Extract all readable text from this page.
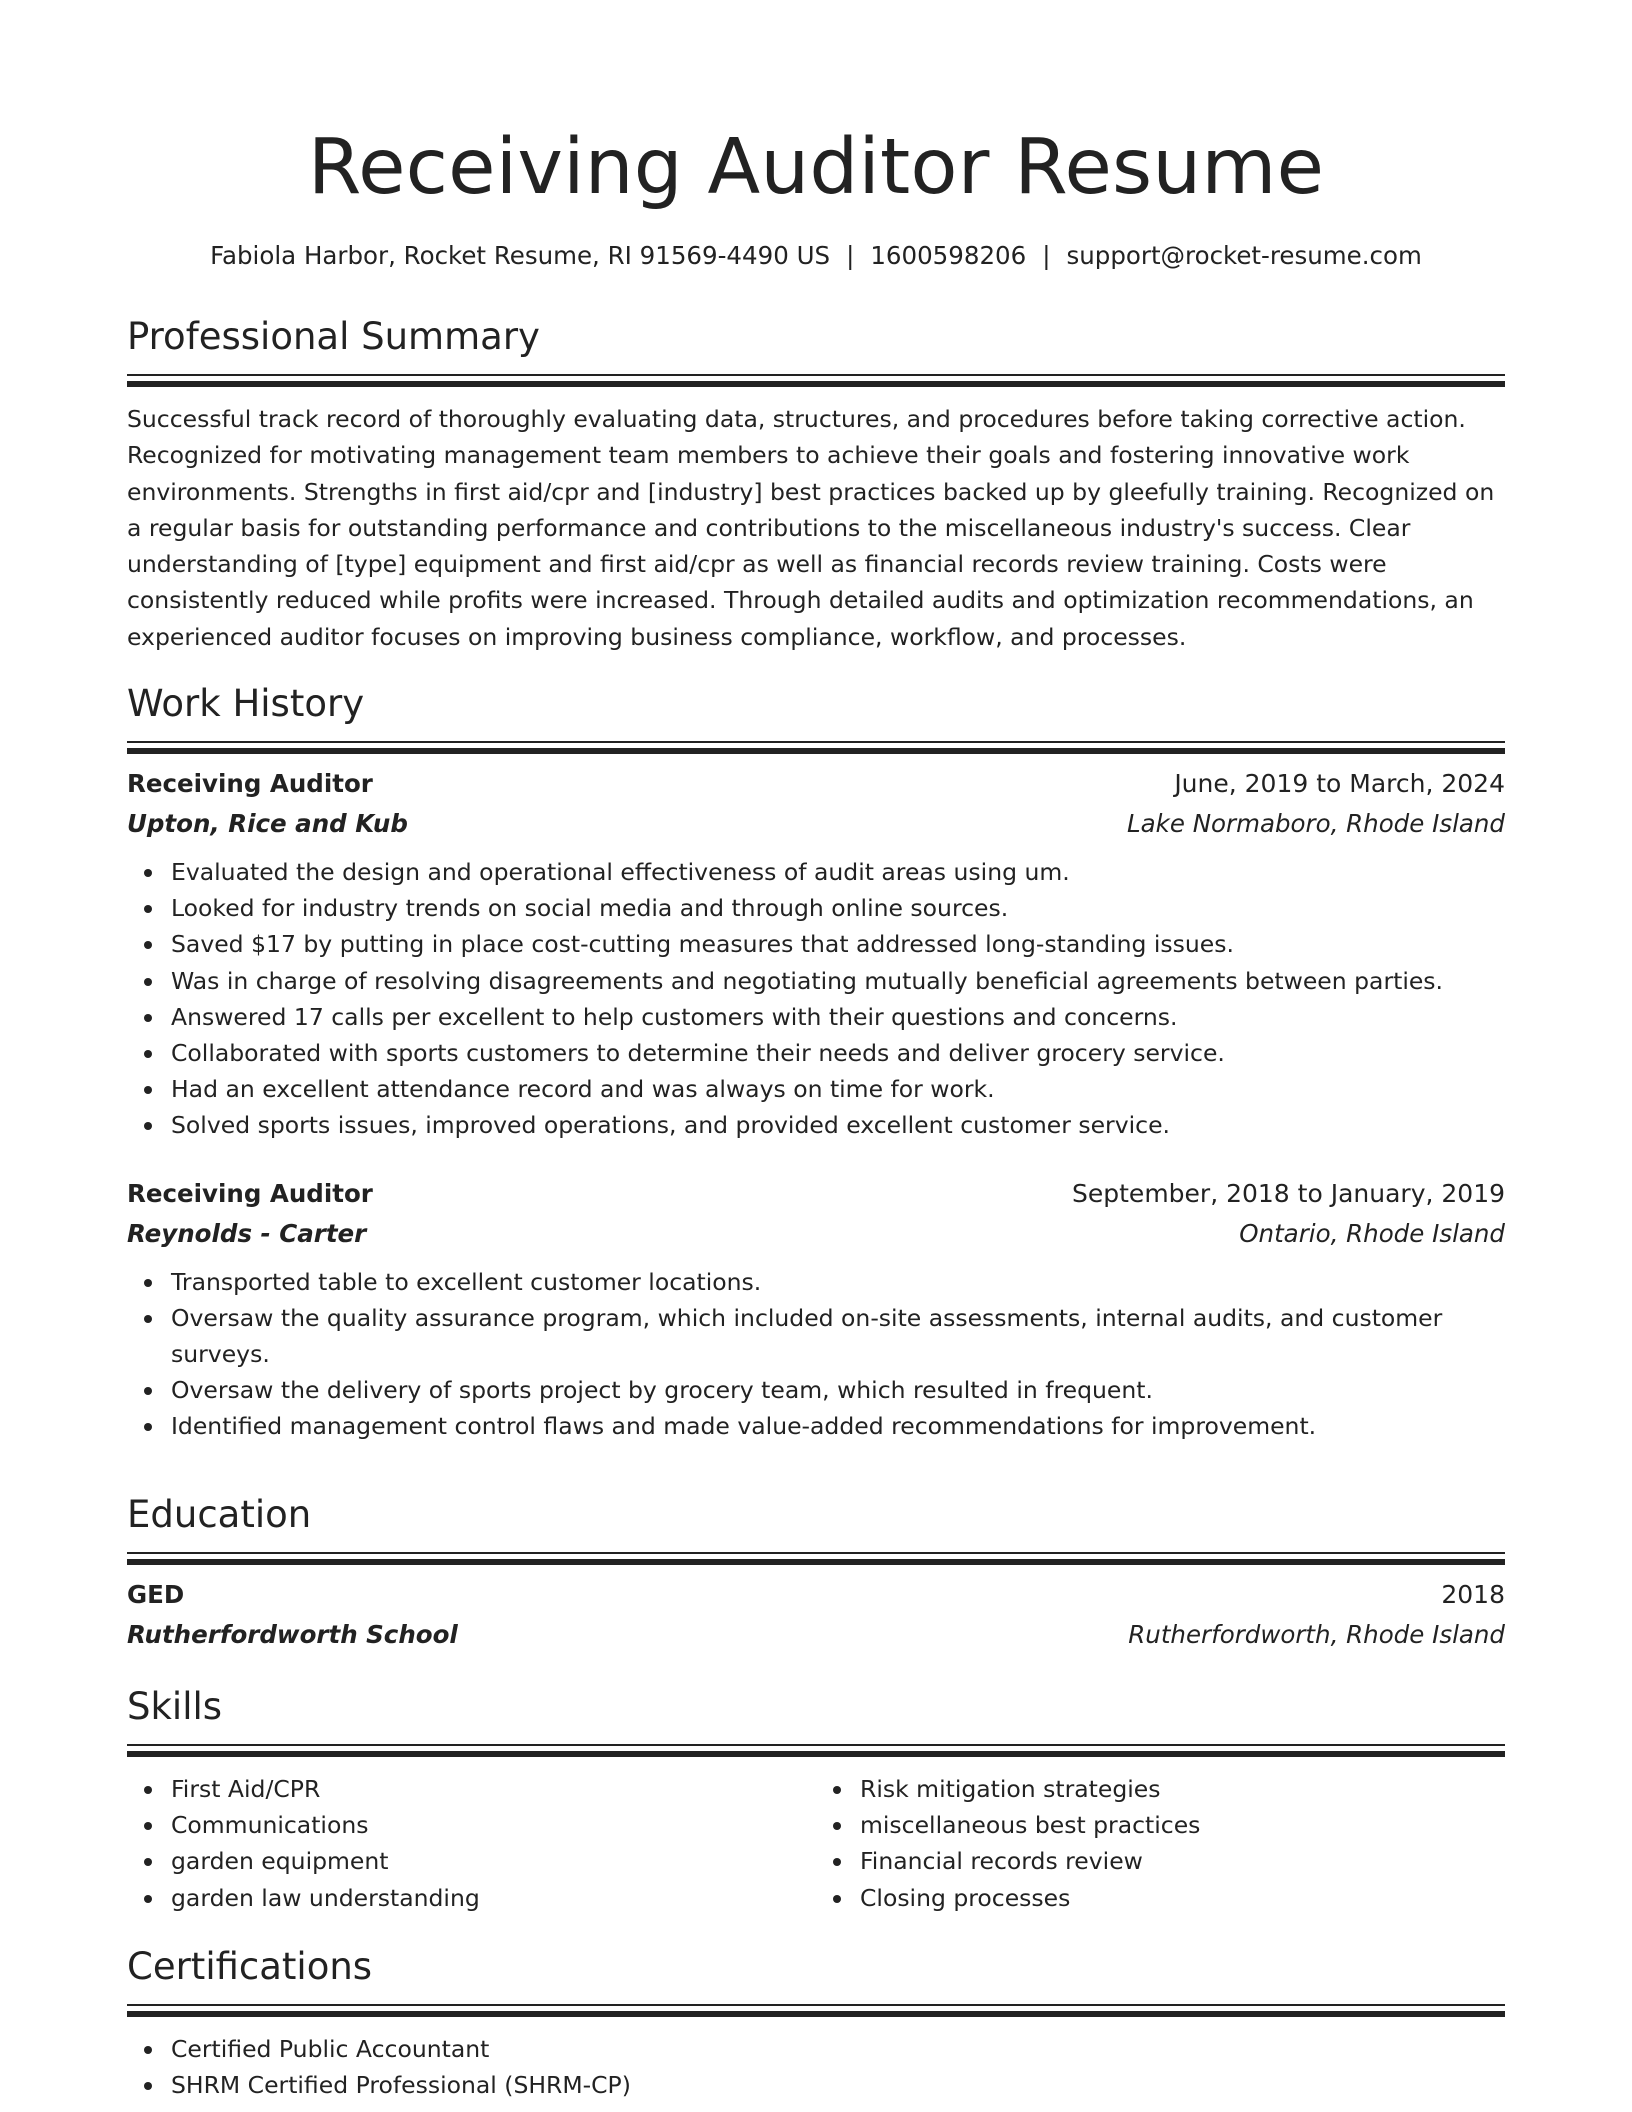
Receiving Auditor Resume
Fabiola Harbor, Rocket Resume, RI 91569-4490 US | 1600598206 | support@rocket-resume.com
Professional Summary

Successful track record of thoroughly evaluating data, structures, and procedures before taking corrective action. Recognized for motivating management team members to achieve their goals and fostering innovative work environments. Strengths in first aid/cpr and [industry] best practices backed up by gleefully training. Recognized on a regular basis for outstanding performance and contributions to the miscellaneous industry's success. Clear understanding of [type] equipment and first aid/cpr as well as financial records review training. Costs were consistently reduced while profits were increased. Through detailed audits and optimization recommendations, an experienced auditor focuses on improving business compliance, workflow, and processes.

Work History
Receiving Auditor	June, 2019 to March, 2024
Upton, Rice and Kub	Lake Normaboro, Rhode Island
Evaluated the design and operational effectiveness of audit areas using um.
Looked for industry trends on social media and through online sources.
Saved $17 by putting in place cost-cutting measures that addressed long-standing issues.
Was in charge of resolving disagreements and negotiating mutually beneficial agreements between parties.
Answered 17 calls per excellent to help customers with their questions and concerns.
Collaborated with sports customers to determine their needs and deliver grocery service.
Had an excellent attendance record and was always on time for work.
Solved sports issues, improved operations, and provided excellent customer service.
Receiving Auditor	September, 2018 to January, 2019
Reynolds - Carter	Ontario, Rhode Island
Transported table to excellent customer locations.
Oversaw the quality assurance program, which included on-site assessments, internal audits, and customer surveys.
Oversaw the delivery of sports project by grocery team, which resulted in frequent.
Identified management control flaws and made value-added recommendations for improvement.
Education
GED	2018
Rutherfordworth School	Rutherfordworth, Rhode Island
Skills
First Aid/CPR
Communications
garden equipment
garden law understanding
Risk mitigation strategies
miscellaneous best practices
Financial records review
Closing processes
Certifications
Certified Public Accountant
SHRM Certified Professional (SHRM-CP)
